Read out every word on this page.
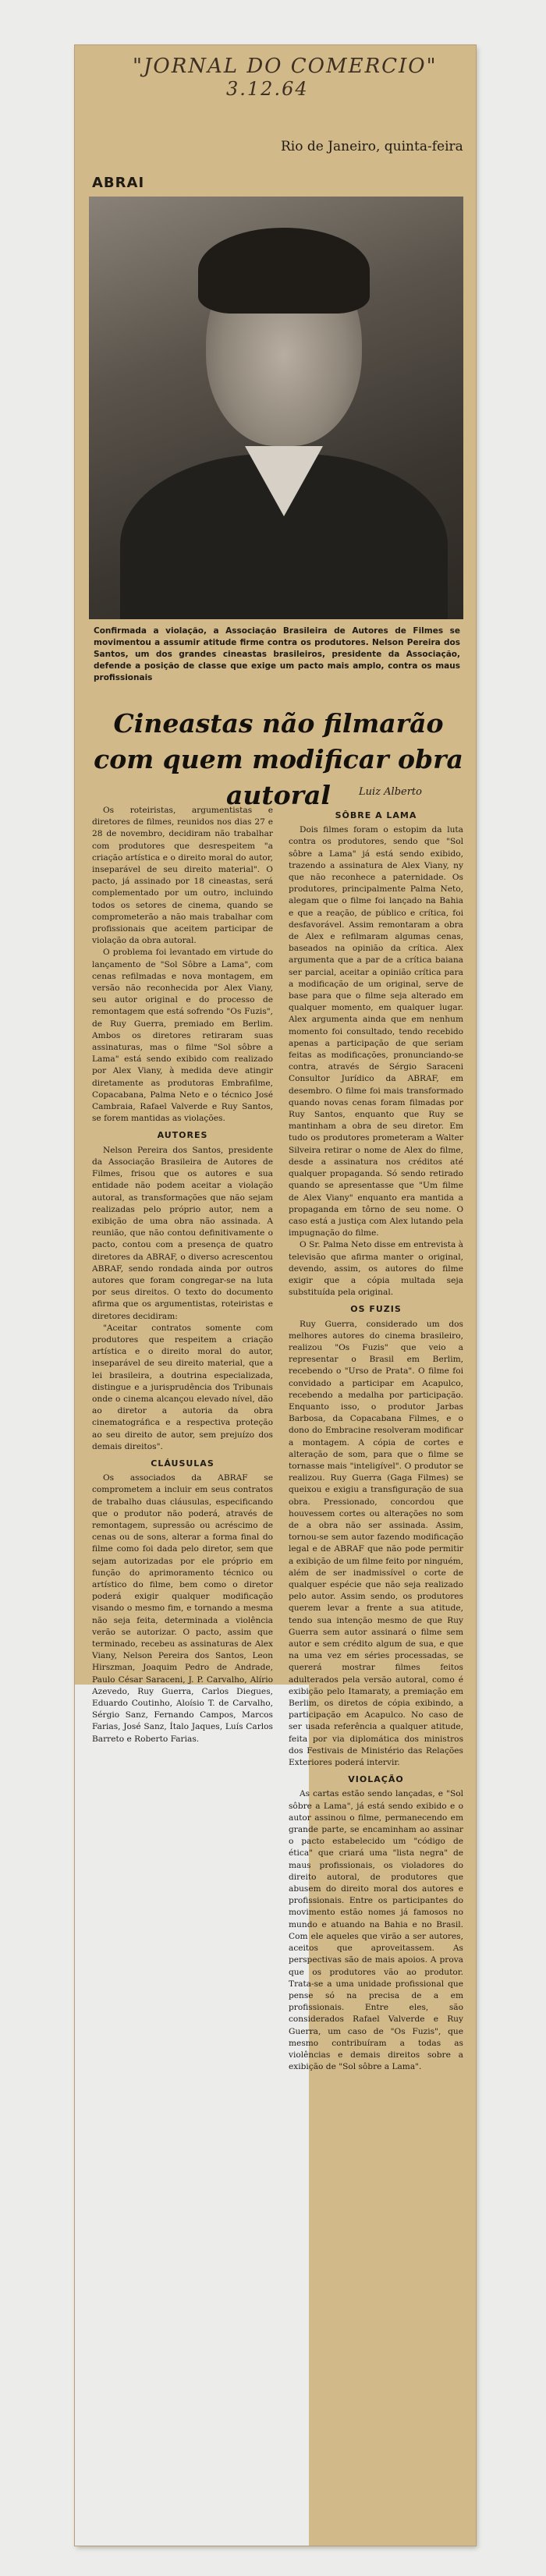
"JORNAL DO COMERCIO"
3.12.64
Rio de Janeiro, quinta-feira
ABRAI
Confirmada a violação, a Associação Brasileira de Autores de Filmes se movimentou a assumir atitude firme contra os produtores. Nelson Pereira dos Santos, um dos grandes cineastas brasileiros, presidente da Associação, defende a posição de classe que exige um pacto mais amplo, contra os maus profissionais
Cineastas não filmarão com quem modificar obra autoral	Luiz Alberto

Os roteiristas, argumentistas e diretores de filmes, reunidos nos dias 27 e 28 de novembro, decidiram não trabalhar com produtores que desrespeitem "a criação artística e o direito moral do autor, inseparável de seu direito material". O pacto, já assinado por 18 cineastas, será complementado por um outro, incluindo todos os setores de cinema, quando se comprometerão a não mais trabalhar com profissionais que aceitem participar de violação da obra autoral.

O problema foi levantado em virtude do lançamento de "Sol Sôbre a Lama", com cenas refilmadas e nova montagem, em versão não reconhecida por Alex Viany, seu autor original e do processo de remontagem que está sofrendo "Os Fuzis", de Ruy Guerra, premiado em Berlim. Ambos os diretores retiraram suas assinaturas, mas o filme "Sol sôbre a Lama" está sendo exibido com realizado por Alex Viany, à medida deve atingir diretamente as produtoras Embrafilme, Copacabana, Palma Neto e o técnico José Cambraia, Rafael Valverde e Ruy Santos, se forem mantidas as violações.

AUTORES

Nelson Pereira dos Santos, presidente da Associação Brasileira de Autores de Filmes, frisou que os autores e sua entidade não podem aceitar a violação autoral, as transformações que não sejam realizadas pelo próprio autor, nem a exibição de uma obra não assinada. A reunião, que não contou definitivamente o pacto, contou com a presença de quatro diretores da ABRAF, o diverso acrescentou ABRAF, sendo rondada ainda por outros autores que foram congregar-se na luta por seus direitos. O texto do documento afirma que os argumentistas, roteiristas e diretores decidiram:

"Aceitar contratos somente com produtores que respeitem a criação artística e o direito moral do autor, inseparável de seu direito material, que a lei brasileira, a doutrina especializada, distingue e a jurisprudência dos Tribunais onde o cinema alcançou elevado nível, dão ao diretor a autoria da obra cinematográfica e a respectiva proteção ao seu direito de autor, sem prejuízo dos demais direitos".

CLÁUSULAS

Os associados da ABRAF se comprometem a incluir em seus contratos de trabalho duas cláusulas, especificando que o produtor não poderá, através de remontagem, supressão ou acréscimo de cenas ou de sons, alterar a forma final do filme como foi dada pelo diretor, sem que sejam autorizadas por ele próprio em função do aprimoramento técnico ou artístico do filme, bem como o diretor poderá exigir qualquer modificação visando o mesmo fim, e tornando a mesma não seja feita, determinada a violência verão se autorizar. O pacto, assim que terminado, recebeu as assinaturas de Alex Viany, Nelson Pereira dos Santos, Leon Hirszman, Joaquim Pedro de Andrade, Paulo César Saraceni, J. P. Carvalho, Alírio Azevedo, Ruy Guerra, Carlos Diegues, Eduardo Coutinho, Aloísio T. de Carvalho, Sérgio Sanz, Fernando Campos, Marcos Farias, José Sanz, Ítalo Jaques, Luís Carlos Barreto e Roberto Farias.

SÔBRE A LAMA

Dois filmes foram o estopim da luta contra os produtores, sendo que "Sol sôbre a Lama" já está sendo exibido, trazendo a assinatura de Alex Viany, ny que não reconhece a paternidade. Os produtores, principalmente Palma Neto, alegam que o filme foi lançado na Bahia e que a reação, de público e crítica, foi desfavorável. Assim remontaram a obra de Alex e refilmaram algumas cenas, baseados na opinião da crítica. Alex argumenta que a par de a crítica baiana ser parcial, aceitar a opinião crítica para a modificação de um original, serve de base para que o filme seja alterado em qualquer momento, em qualquer lugar. Alex argumenta ainda que em nenhum momento foi consultado, tendo recebido apenas a participação de que seriam feitas as modificações, pronunciando-se contra, através de Sérgio Saraceni Consultor Jurídico da ABRAF, em desembro. O filme foi mais transformado quando novas cenas foram filmadas por Ruy Santos, enquanto que Ruy se mantinham a obra de seu diretor. Em tudo os produtores prometeram a Walter Silveira retirar o nome de Alex do filme, desde a assinatura nos créditos até qualquer propaganda. Só sendo retirado quando se apresentasse que "Um filme de Alex Viany" enquanto era mantida a propaganda em tôrno de seu nome. O caso está a justiça com Alex lutando pela impugnação do filme.

O Sr. Palma Neto disse em entrevista à televisão que afirma manter o original, devendo, assim, os autores do filme exigir que a cópia multada seja substituída pela original.

OS FUZIS

Ruy Guerra, considerado um dos melhores autores do cinema brasileiro, realizou "Os Fuzis" que veio a representar o Brasil em Berlim, recebendo o "Urso de Prata". O filme foi convidado a participar em Acapulco, recebendo a medalha por participação. Enquanto isso, o produtor Jarbas Barbosa, da Copacabana Filmes, e o dono do Embracine resolveram modificar a montagem. A cópia de cortes e alteração de som, para que o filme se tornasse mais "inteligível". O produtor se realizou. Ruy Guerra (Gaga Filmes) se queixou e exigiu a transfiguração de sua obra. Pressionado, concordou que houvessem cortes ou alterações no som de a obra não ser assinada. Assim, tornou-se sem autor fazendo modificação legal e de ABRAF que não pode permitir a exibição de um filme feito por ninguém, além de ser inadmissível o corte de qualquer espécie que não seja realizado pelo autor. Assim sendo, os produtores querem levar a frente a sua atitude, tendo sua intenção mesmo de que Ruy Guerra sem autor assinará o filme sem autor e sem crédito algum de sua, e que na uma vez em séries processadas, se quererá mostrar filmes feitos adulterados pela versão autoral, como é exibição pelo Itamaraty, a premiação em Berlim, os diretos de cópia exibindo, a participação em Acapulco. No caso de ser usada referência a qualquer atitude, feita por via diplomática dos ministros dos Festivais de Ministério das Relações Exteriores poderá intervir.

VIOLAÇÃO

As cartas estão sendo lançadas, e "Sol sôbre a Lama", já está sendo exibido e o autor assinou o filme, permanecendo em grande parte, se encaminham ao assinar o pacto estabelecido um "código de ética" que criará uma "lista negra" de maus profissionais, os violadores do direito autoral, de produtores que abusem do direito moral dos autores e profissionais. Entre os participantes do movimento estão nomes já famosos no mundo e atuando na Bahia e no Brasil. Com ele aqueles que virão a ser autores, aceitos que aproveitassem. As perspectivas são de mais apoios. A prova que os produtores vão ao produtor. Trata-se a uma unidade profissional que pense só na precisa de a em profissionais. Entre eles, são considerados Rafael Valverde e Ruy Guerra, um caso de "Os Fuzis", que mesmo contribuíram a todas as violências e demais direitos sobre a exibição de "Sol sôbre a Lama".
